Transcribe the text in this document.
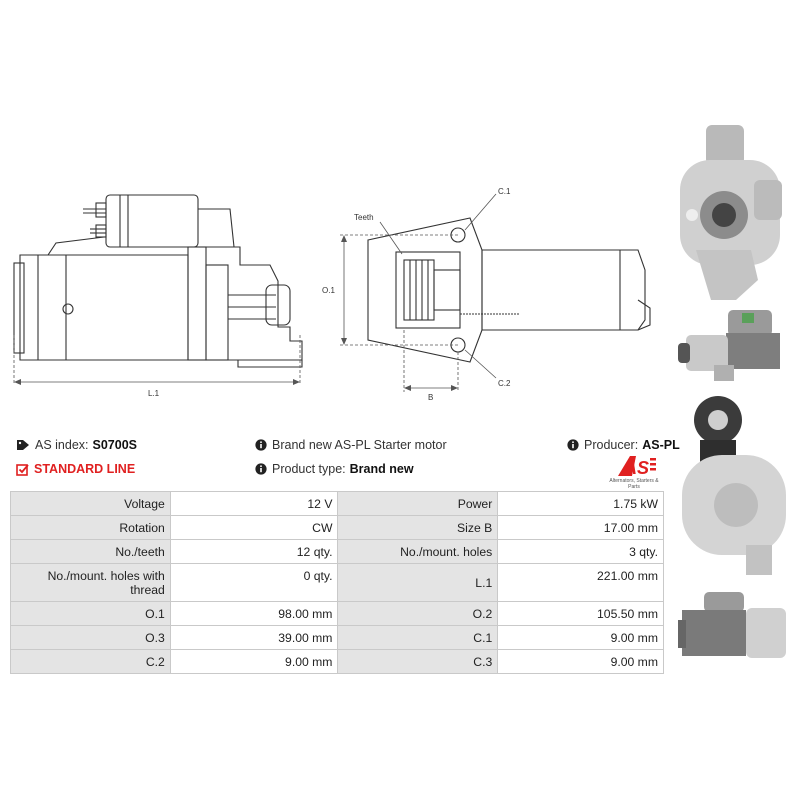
L.1
O.1
B
C.1
C.2
Teeth
AS index: S0700S
STANDARD LINE
Brand new AS-PL Starter motor
Product type: Brand new
Producer: AS-PL
AS
Alternators, Starters & Parts
Voltage	12 V	Power	1.75 kW
Rotation	CW	Size B	17.00 mm
No./teeth	12 qty.	No./mount. holes	3 qty.
No./mount. holes with thread	0 qty.	L.1	221.00 mm
O.1	98.00 mm	O.2	105.50 mm
O.3	39.00 mm	C.1	9.00 mm
C.2	9.00 mm	C.3	9.00 mm
